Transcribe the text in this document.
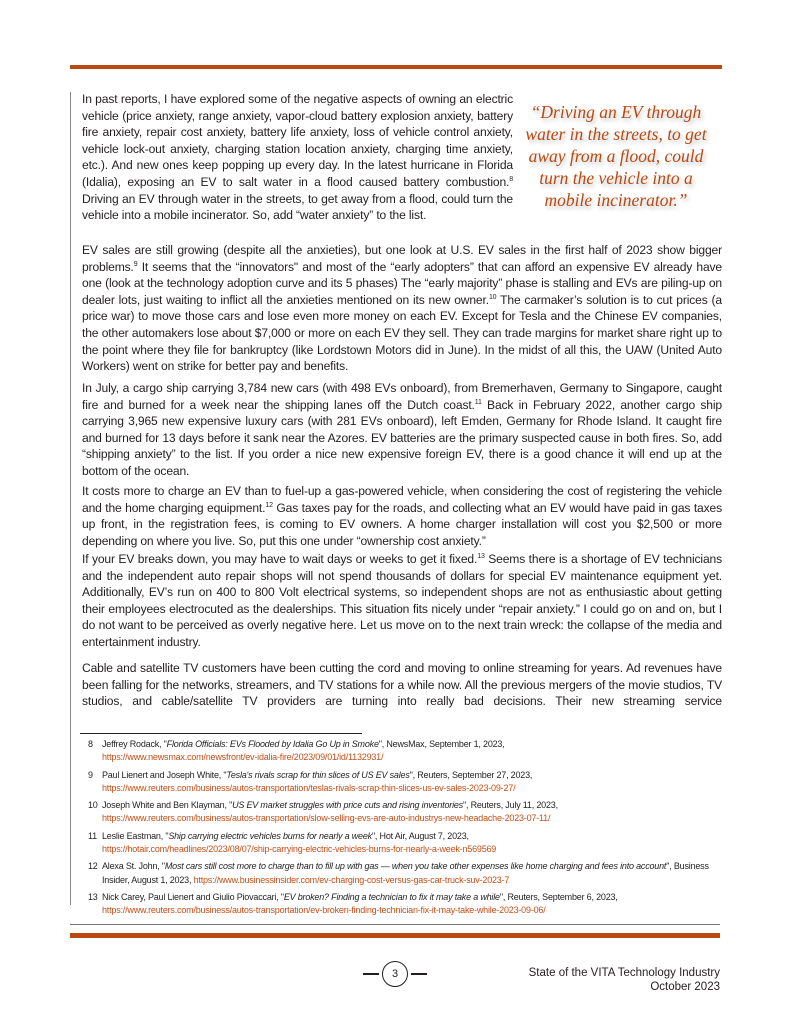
In past reports, I have explored some of the negative aspects of owning an electric vehicle (price anxiety, range anxiety, vapor-cloud battery explosion anxiety, battery fire anxiety, repair cost anxiety, battery life anxiety, loss of vehicle control anxiety, vehicle lock-out anxiety, charging station location anxiety, charging time anxiety, etc.). And new ones keep popping up every day. In the latest hurricane in Florida (Idalia), exposing an EV to salt water in a flood caused battery combustion.$^8$ Driving an EV through water in the streets, to get away from a flood, could turn the vehicle into a mobile incinerator. So, add “water anxiety” to the list.

“Driving an EV through water in the streets, to get away from a flood, could turn the vehicle into a mobile incinerator.”

EV sales are still growing (despite all the anxieties), but one look at U.S. EV sales in the first half of 2023 show bigger problems.$^9$ It seems that the “innovators" and most of the “early adopters” that can afford an expensive EV already have one (look at the technology adoption curve and its 5 phases) The “early majority” phase is stalling and EVs are piling-up on dealer lots, just waiting to inflict all the anxieties mentioned on its new owner.$^{10}$ The carmaker’s solution is to cut prices (a price war) to move those cars and lose even more money on each EV. Except for Tesla and the Chinese EV companies, the other automakers lose about $7,000 or more on each EV they sell. They can trade margins for market share right up to the point where they file for bankruptcy (like Lordstown Motors did in June). In the midst of all this, the UAW (United Auto Workers) went on strike for better pay and benefits.

In July, a cargo ship carrying 3,784 new cars (with 498 EVs onboard), from Bremerhaven, Germany to Singapore, caught fire and burned for a week near the shipping lanes off the Dutch coast.$^{11}$ Back in February 2022, another cargo ship carrying 3,965 new expensive luxury cars (with 281 EVs onboard), left Emden, Germany for Rhode Island. It caught fire and burned for 13 days before it sank near the Azores. EV batteries are the primary suspected cause in both fires. So, add “shipping anxiety” to the list. If you order a nice new expensive foreign EV, there is a good chance it will end up at the bottom of the ocean.

It costs more to charge an EV than to fuel-up a gas-powered vehicle, when considering the cost of registering the vehicle and the home charging equipment.$^{12}$ Gas taxes pay for the roads, and collecting what an EV would have paid in gas taxes up front, in the registration fees, is coming to EV owners. A home charger installation will cost you $2,500 or more depending on where you live. So, put this one under “ownership cost anxiety.”

If your EV breaks down, you may have to wait days or weeks to get it fixed.$^{13}$ Seems there is a shortage of EV technicians and the independent auto repair shops will not spend thousands of dollars for special EV maintenance equipment yet. Additionally, EV’s run on 400 to 800 Volt electrical systems, so independent shops are not as enthusiastic about getting their employees electrocuted as the dealerships. This situation fits nicely under “repair anxiety.” I could go on and on, but I do not want to be perceived as overly negative here. Let us move on to the next train wreck: the collapse of the media and entertainment industry.

Cable and satellite TV customers have been cutting the cord and moving to online streaming for years. Ad revenues have been falling for the networks, streamers, and TV stations for a while now. All the previous mergers of the movie studios, TV studios, and cable/satellite TV providers are turning into really bad decisions. Their new streaming service

8 Jeffrey Rodack, "Florida Officials: EVs Flooded by Idalia Go Up in Smoke", NewsMax, September 1, 2023,
https://www.newsmax.com/newsfront/ev-idalia-fire/2023/09/01/id/1132931/
9 Paul Lienert and Joseph White, "Tesla's rivals scrap for thin slices of US EV sales", Reuters, September 27, 2023,
https://www.reuters.com/business/autos-transportation/teslas-rivals-scrap-thin-slices-us-ev-sales-2023-09-27/
10 Joseph White and Ben Klayman, "US EV market struggles with price cuts and rising inventories", Reuters, July 11, 2023,
https://www.reuters.com/business/autos-transportation/slow-selling-evs-are-auto-industrys-new-headache-2023-07-11/
11 Leslie Eastman, "Ship carrying electric vehicles burns for nearly a week", Hot Air, August 7, 2023,
https://hotair.com/headlines/2023/08/07/ship-carrying-electric-vehicles-burns-for-nearly-a-week-n569569
12 Alexa St. John, "Most cars still cost more to charge than to fill up with gas — when you take other expenses like home charging and fees into account", Business Insider, August 1, 2023, https://www.businessinsider.com/ev-charging-cost-versus-gas-car-truck-suv-2023-7
13 Nick Carey, Paul Lienert and Giulio Piovaccari, "EV broken? Finding a technician to fix it may take a while", Reuters, September 6, 2023,
https://www.reuters.com/business/autos-transportation/ev-broken-finding-technician-fix-it-may-take-while-2023-09-06/
3	State of the VITA Technology Industry
October 2023
